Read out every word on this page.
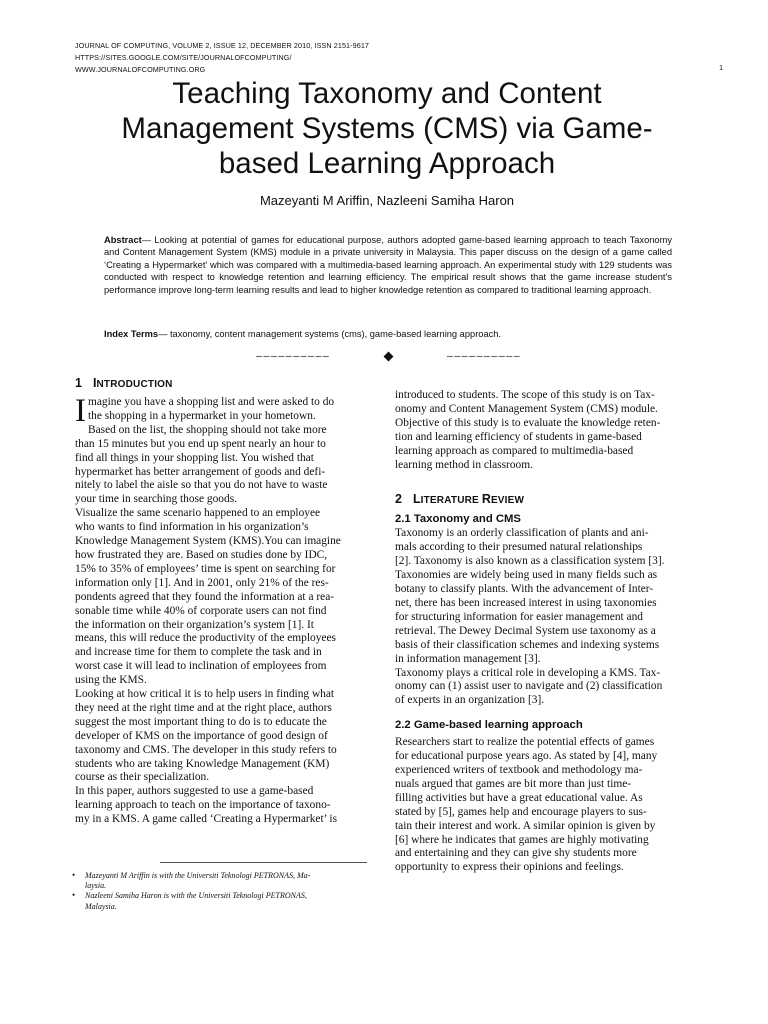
JOURNAL OF COMPUTING, VOLUME 2, ISSUE 12, DECEMBER 2010, ISSN 2151-9617
HTTPS://SITES.GOOGLE.COM/SITE/JOURNALOFCOMPUTING/
WWW.JOURNALOFCOMPUTING.ORG	1
Teaching Taxonomy and Content
Management Systems (CMS) via Game-
based Learning Approach
Mazeyanti M Ariffin, Nazleeni Samiha Haron
Abstract— Looking at potential of games for educational purpose, authors adopted game-based learning approach to teach Taxonomy and Content Management System (KMS) module in a private university in Malaysia. This paper discuss on the design of a game called ‘Creating a Hypermarket’ which was compared with a multimedia-based learning approach. An experimental study with 129 students was conducted with respect to knowledge retention and learning efficiency. The empirical result shows that the game increase student’s performance improve long-term learning results and lead to higher knowledge retention as compared to traditional learning approach.
Index Terms— taxonomy, content management systems (cms), game-based learning approach.
——————————	——————————
1 INTRODUCTION
I magine you have a shopping list and were asked to do
the shopping in a hypermarket in your hometown.
Based on the list, the shopping should not take more
than 15 minutes but you end up spent nearly an hour to
find all things in your shopping list. You wished that
hypermarket has better arrangement of goods and defi-
nitely to label the aisle so that you do not have to waste
your time in searching those goods.
Visualize the same scenario happened to an employee
who wants to find information in his organization’s
Knowledge Management System (KMS).You can imagine
how frustrated they are. Based on studies done by IDC,
15% to 35% of employees’ time is spent on searching for
information only [1]. And in 2001, only 21% of the res-
pondents agreed that they found the information at a rea-
sonable time while 40% of corporate users can not find
the information on their organization’s system [1]. It
means, this will reduce the productivity of the employees
and increase time for them to complete the task and in
worst case it will lead to inclination of employees from
using the KMS.
Looking at how critical it is to help users in finding what
they need at the right time and at the right place, authors
suggest the most important thing to do is to educate the
developer of KMS on the importance of good design of
taxonomy and CMS. The developer in this study refers to
students who are taking Knowledge Management (KM)
course as their specialization.
In this paper, authors suggested to use a game-based
learning approach to teach on the importance of taxono-
my in a KMS. A game called ‘Creating a Hypermarket’ is
• Mazeyanti M Ariffin is with the Universiti Teknologi PETRONAS, Ma-
laysia.
• Nazleeni Samiha Haron is with the Universiti Teknologi PETRONAS,
Malaysia.
introduced to students. The scope of this study is on Tax-
onomy and Content Management System (CMS) module.
Objective of this study is to evaluate the knowledge reten-
tion and learning efficiency of students in game-based
learning approach as compared to multimedia-based
learning method in classroom.
2 LITERATURE REVIEW
2.1 Taxonomy and CMS
Taxonomy is an orderly classification of plants and ani-
mals according to their presumed natural relationships
[2]. Taxonomy is also known as a classification system [3].
Taxonomies are widely being used in many fields such as
botany to classify plants. With the advancement of Inter-
net, there has been increased interest in using taxonomies
for structuring information for easier management and
retrieval. The Dewey Decimal System use taxonomy as a
basis of their classification schemes and indexing systems
in information management [3].
Taxonomy plays a critical role in developing a KMS. Tax-
onomy can (1) assist user to navigate and (2) classification
of experts in an organization [3].
2.2 Game-based learning approach
Researchers start to realize the potential effects of games
for educational purpose years ago. As stated by [4], many
experienced writers of textbook and methodology ma-
nuals argued that games are bit more than just time-
filling activities but have a great educational value. As
stated by [5], games help and encourage players to sus-
tain their interest and work. A similar opinion is given by
[6] where he indicates that games are highly motivating
and entertaining and they can give shy students more
opportunity to express their opinions and feelings.
